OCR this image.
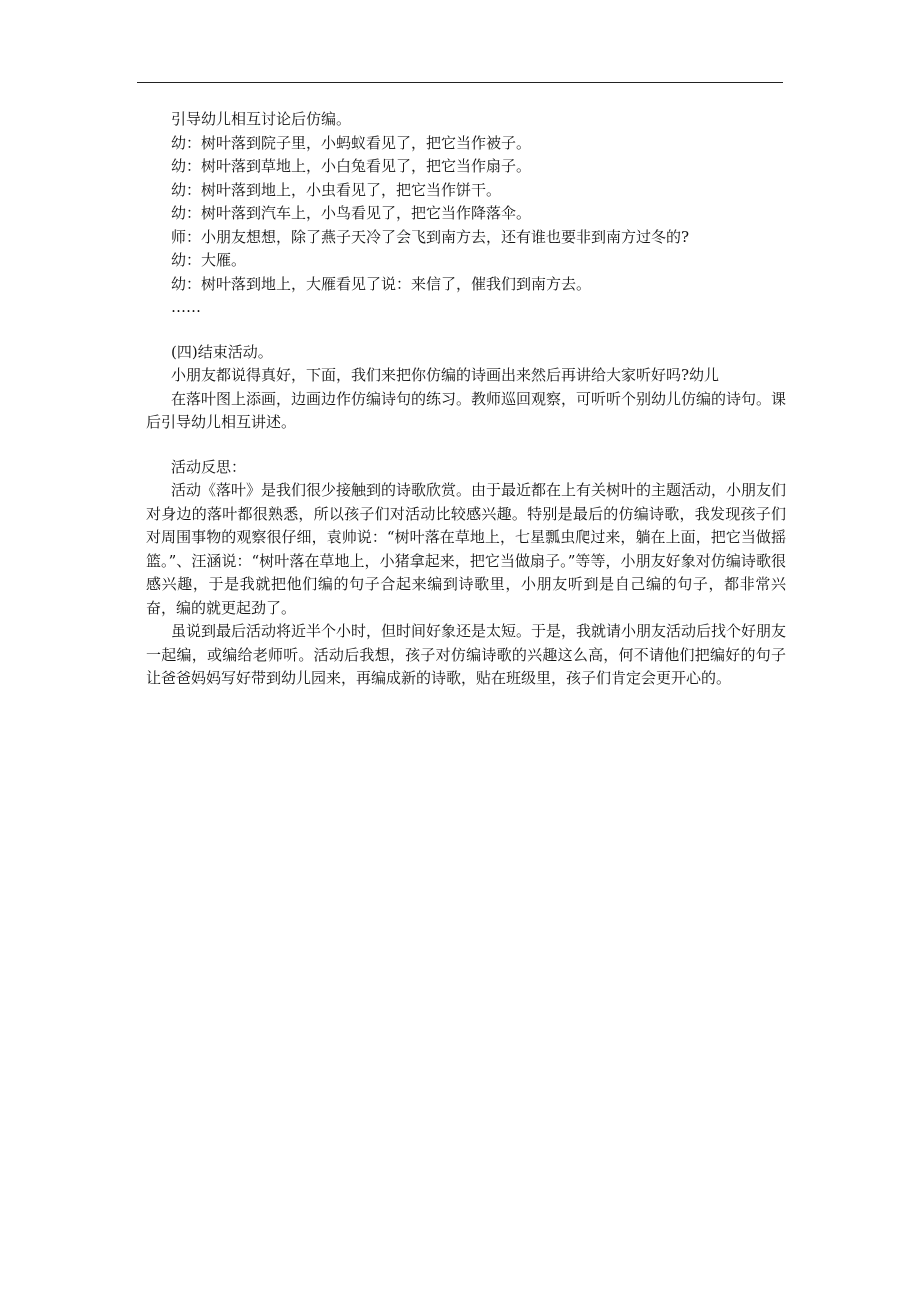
引导幼儿相互讨论后仿编。

幼：树叶落到院子里，小蚂蚁看见了，把它当作被子。

幼：树叶落到草地上，小白兔看见了，把它当作扇子。

幼：树叶落到地上，小虫看见了，把它当作饼干。

幼：树叶落到汽车上，小鸟看见了，把它当作降落伞。

师：小朋友想想，除了燕子天冷了会飞到南方去，还有谁也要非到南方过冬的?

幼：大雁。

幼：树叶落到地上，大雁看见了说：来信了，催我们到南方去。

……

(四)结束活动。

小朋友都说得真好，下面，我们来把你仿编的诗画出来然后再讲给大家听好吗?幼儿

在落叶图上添画，边画边作仿编诗句的练习。教师巡回观察，可听听个别幼儿仿编的诗句。课后引导幼儿相互讲述。

活动反思：

活动《落叶》是我们很少接触到的诗歌欣赏。由于最近都在上有关树叶的主题活动，小朋友们对身边的落叶都很熟悉，所以孩子们对活动比较感兴趣。特别是最后的仿编诗歌，我发现孩子们对周围事物的观察很仔细，袁帅说：“树叶落在草地上，七星瓢虫爬过来，躺在上面，把它当做摇篮。”、汪涵说：“树叶落在草地上，小猪拿起来，把它当做扇子。”等等，小朋友好象对仿编诗歌很感兴趣，于是我就把他们编的句子合起来编到诗歌里，小朋友听到是自己编的句子，都非常兴奋，编的就更起劲了。

虽说到最后活动将近半个小时，但时间好象还是太短。于是，我就请小朋友活动后找个好朋友一起编，或编给老师听。活动后我想，孩子对仿编诗歌的兴趣这么高，何不请他们把编好的句子让爸爸妈妈写好带到幼儿园来，再编成新的诗歌，贴在班级里，孩子们肯定会更开心的。
